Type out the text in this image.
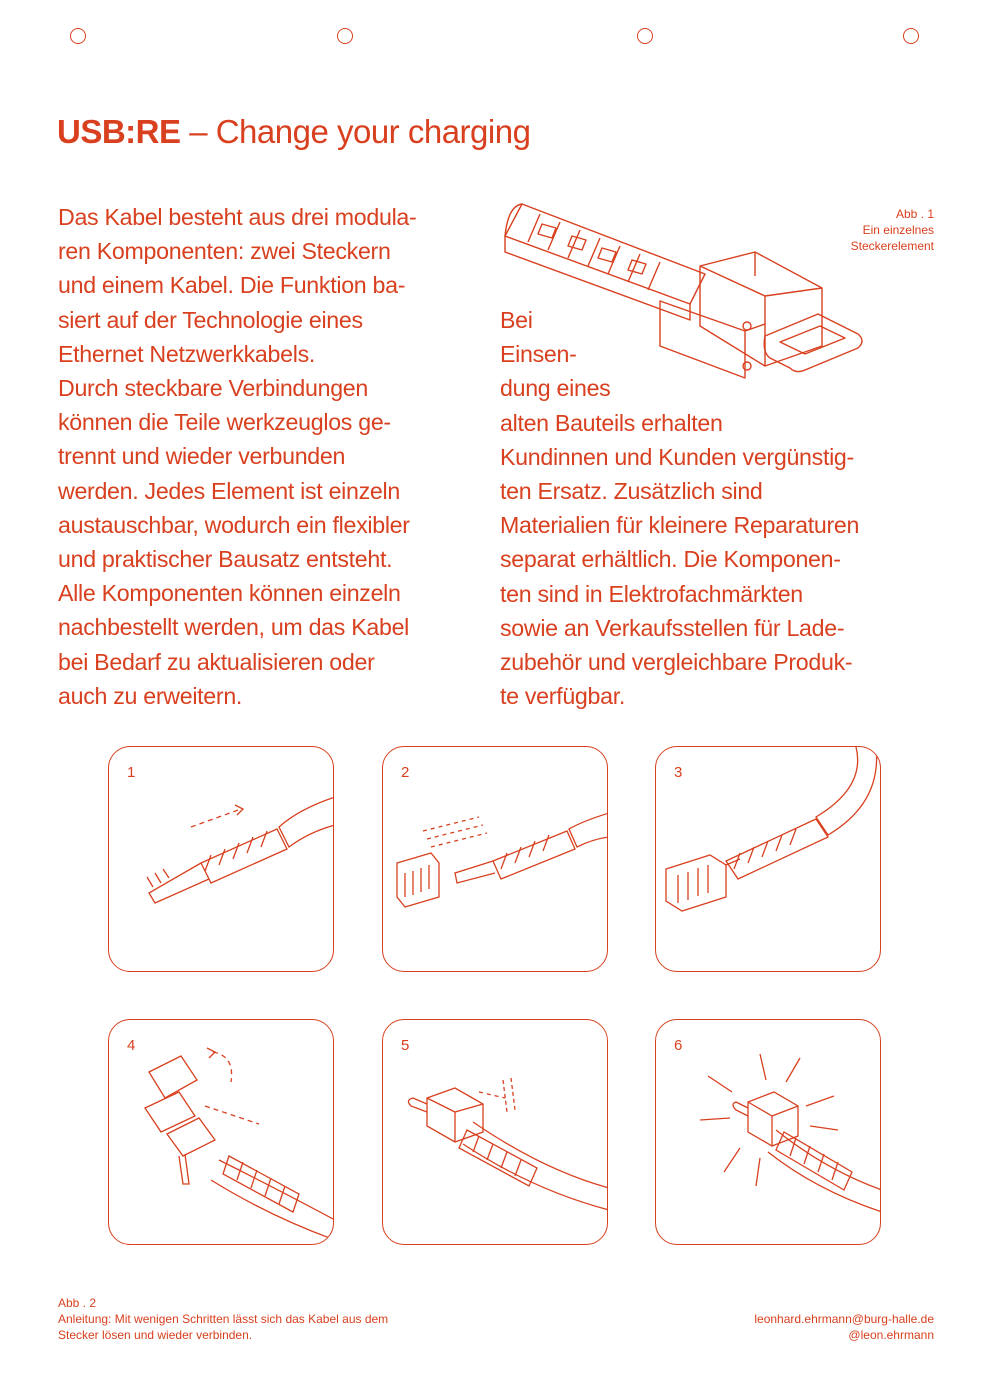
USB:RE – Change your charging
Abb . 1
Ein einzelnes
Steckerelement
Das Kabel besteht aus drei modula-
ren Komponenten: zwei Steckern
und einem Kabel. Die Funktion ba-
siert auf der Technologie eines
Ethernet Netzwerkkabels.
Durch steckbare Verbindungen
können die Teile werkzeuglos ge-
trennt und wieder verbunden
werden. Jedes Element ist einzeln
austauschbar, wodurch ein flexibler
und praktischer Bausatz entsteht.
Alle Komponenten können einzeln
nachbestellt werden, um das Kabel
bei Bedarf zu aktualisieren oder
auch zu erweitern.
Bei
Einsen-
dung eines
alten Bauteils erhalten
Kundinnen und Kunden vergünstig-
ten Ersatz. Zusätzlich sind
Materialien für kleinere Reparaturen
separat erhältlich. Die Komponen-
ten sind in Elektrofachmärkten
sowie an Verkaufsstellen für Lade-
zubehör und vergleichbare Produk-
te verfügbar.
1	2	3
4	5	6
Abb . 2
Anleitung: Mit wenigen Schritten lässt sich das Kabel aus dem
Stecker lösen und wieder verbinden.
leonhard.ehrmann@burg-halle.de
@leon.ehrmann
